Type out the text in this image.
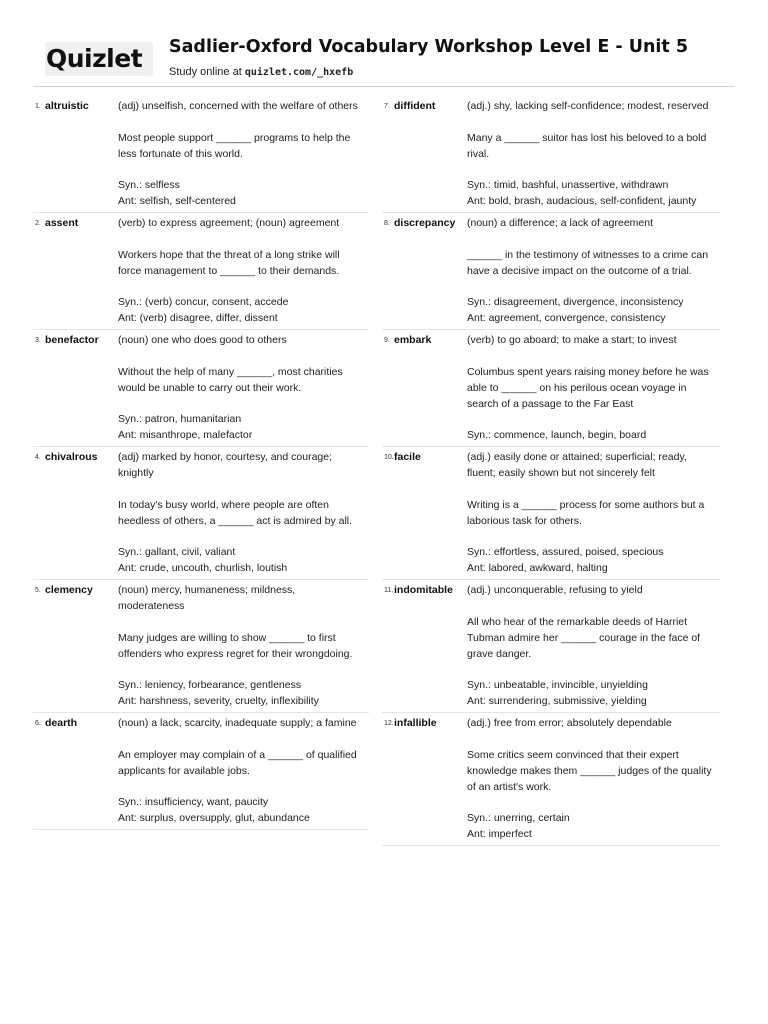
Quizlet Sadlier-Oxford Vocabulary Workshop Level E - Unit 5
Study online at quizlet.com/_hxefb
1. altruistic	(adj) unselfish, concerned with the welfare of others

Most people support ______ programs to help the less fortunate of this world.

Syn.: selfless
Ant: selfish, self-centered

2. assent	(verb) to express agreement; (noun) agreement

Workers hope that the threat of a long strike will force management to ______ to their demands.

Syn.: (verb) concur, consent, accede
Ant: (verb) disagree, differ, dissent

3. benefactor (noun) one who does good to others

Without the help of many ______, most charities would be unable to carry out their work.

Syn.: patron, humanitarian
Ant: misanthrope, malefactor

4. chivalrous (adj) marked by honor, courtesy, and courage; knightly

In today's busy world, where people are often heedless of others, a ______ act is admired by all.

Syn.: gallant, civil, valiant
Ant: crude, uncouth, churlish, loutish

5. clemency (noun) mercy, humaneness; mildness, moderateness

Many judges are willing to show ______ to first offenders who express regret for their wrongdoing.

Syn.: leniency, forbearance, gentleness
Ant: harshness, severity, cruelty, inflexibility

6. dearth	(noun) a lack, scarcity, inadequate supply; a famine

An employer may complain of a ______ of qualified applicants for available jobs.

Syn.: insufficiency, want, paucity
Ant: surplus, oversupply, glut, abundance

7. diffident	(adj.) shy, lacking self-confidence; modest, reserved

Many a ______ suitor has lost his beloved to a bold rival.

Syn.: timid, bashful, unassertive, withdrawn
Ant: bold, brash, audacious, self-confident, jaunty

8. discrepancy (noun) a difference; a lack of agreement

______ in the testimony of witnesses to a crime can have a decisive impact on the outcome of a trial.

Syn.: disagreement, divergence, inconsistency
Ant: agreement, convergence, consistency

9. embark	(verb) to go aboard; to make a start; to invest

Columbus spent years raising money before he was able to ______ on his perilous ocean voyage in search of a passage to the Far East

Syn.: commence, launch, begin, board

10. facile	(adj.) easily done or attained; superficial; ready, fluent; easily shown but not sincerely felt

Writing is a ______ process for some authors but a laborious task for others.

Syn.: effortless, assured, poised, specious
Ant: labored, awkward, halting

11. indomitable (adj.) unconquerable, refusing to yield

All who hear of the remarkable deeds of Harriet Tubman admire her ______ courage in the face of grave danger.

Syn.: unbeatable, invincible, unyielding
Ant: surrendering, submissive, yielding

12. infallible	(adj.) free from error; absolutely dependable

Some critics seem convinced that their expert knowledge makes them ______ judges of the quality of an artist's work.

Syn.: unerring, certain
Ant: imperfect
